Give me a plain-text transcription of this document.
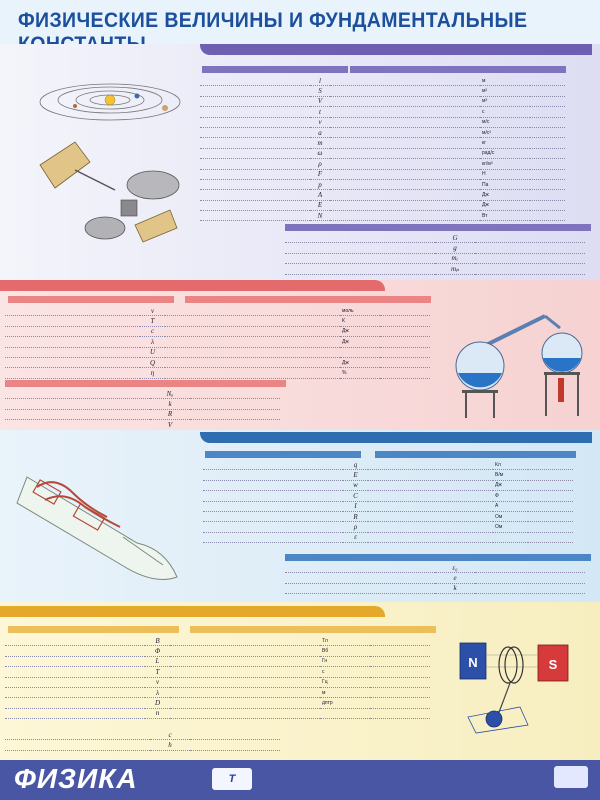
ФИЗИЧЕСКИЕ ВЕЛИЧИНЫ И ФУНДАМЕНТАЛЬНЫЕ
	l		м	
	S		м²	
	V		м³	
	t		с	
	v		м/с	
	a		м/с²	
	m		кг	
	ω		рад/с	
	ρ		кг/м³	
	F		Н	
	p		Па	
	A		Дж	
	E		Дж	
	N		Вт	
	G	
	g	
	mₑ	
	mₚ	
	ν		моль	
	T		К	
	c		Дж	
	λ		Дж	
	U			
	Q		Дж	
	η		%	
	Nₐ	
	k	
	R	
	V	
	q		Кл	
	E		В/м	
	w		Дж	
	C		Ф	
	I		А	
	R		Ом	
	ρ		Ом	
	ε			
	ε₀	
	e	
	k	
	B		Тл	
	Φ		Вб	
	L		Гн	
	T		с	
	ν		Гц	
	λ		м	
	D		дптр	
	n			
	c	
	h	
N	S
ФИЗИКА	Т
